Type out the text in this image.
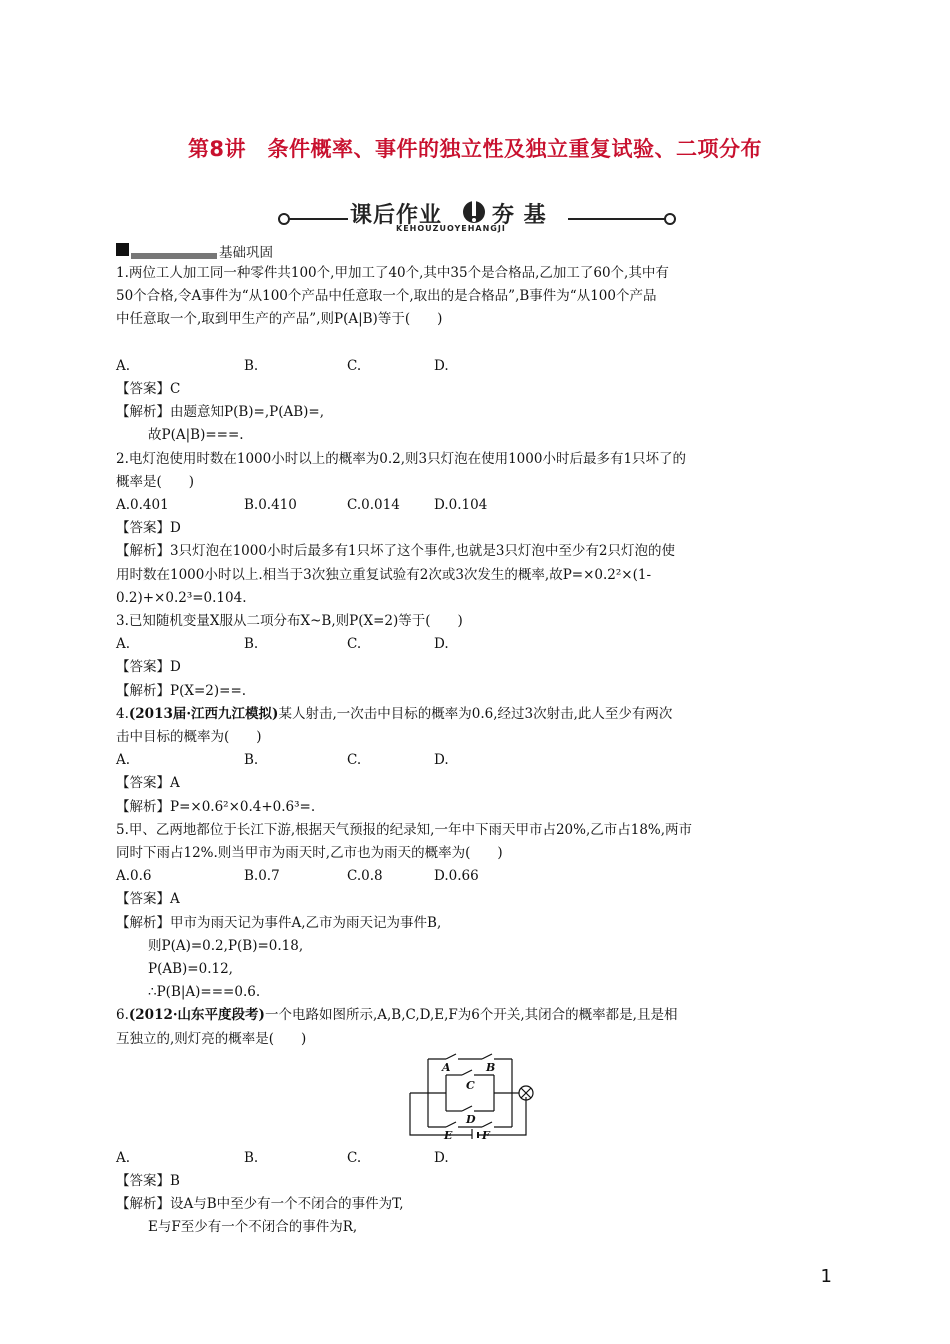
第8讲　条件概率、事件的独立性及独立重复试验、二项分布
课后作业 夯 基
KEHOUZUOYEHANGJI
基础巩固

1.两位工人加工同一种零件共100个,甲加工了40个,其中35个是合格品,乙加工了60个,其中有

50个合格,令A事件为“从100个产品中任意取一个,取出的是合格品”,B事件为“从100个产品

中任意取一个,取到甲生产的产品”,则P(A|B)等于(　　)

A.	B.	C.	D.

【答案】C

【解析】由题意知P(B)=,P(AB)=,

故P(A|B)===.

2.电灯泡使用时数在1000小时以上的概率为0.2,则3只灯泡在使用1000小时后最多有1只坏了的

概率是(　　)

A.0.401	B.0.410	C.0.014	D.0.104

【答案】D

【解析】3只灯泡在1000小时后最多有1只坏了这个事件,也就是3只灯泡中至少有2只灯泡的使

用时数在1000小时以上.相当于3次独立重复试验有2次或3次发生的概率,故P=×0.2²×(1-

0.2)+×0.2³=0.104.

3.已知随机变量X服从二项分布X~B,则P(X=2)等于(　　)

A.	B.	C.	D.

【答案】D

【解析】P(X=2)==.

4.(2013届·江西九江模拟)某人射击,一次击中目标的概率为0.6,经过3次射击,此人至少有两次

击中目标的概率为(　　)

A.	B.	C.	D.

【答案】A

【解析】P=×0.6²×0.4+0.6³=.

5.甲、乙两地都位于长江下游,根据天气预报的纪录知,一年中下雨天甲市占20%,乙市占18%,两市

同时下雨占12%.则当甲市为雨天时,乙市也为雨天的概率为(　　)

A.0.6	B.0.7	C.0.8	D.0.66

【答案】A

【解析】甲市为雨天记为事件A,乙市为雨天记为事件B,

则P(A)=0.2,P(B)=0.18,

P(AB)=0.12,

∴P(B|A)===0.6.

6.(2012·山东平度段考)一个电路如图所示,A,B,C,D,E,F为6个开关,其闭合的概率都是,且是相

互独立的,则灯亮的概率是(　　)

A	B
C
D
E	F
A.	B.	C.	D.

【答案】B

【解析】设A与B中至少有一个不闭合的事件为T,

E与F至少有一个不闭合的事件为R,

1
